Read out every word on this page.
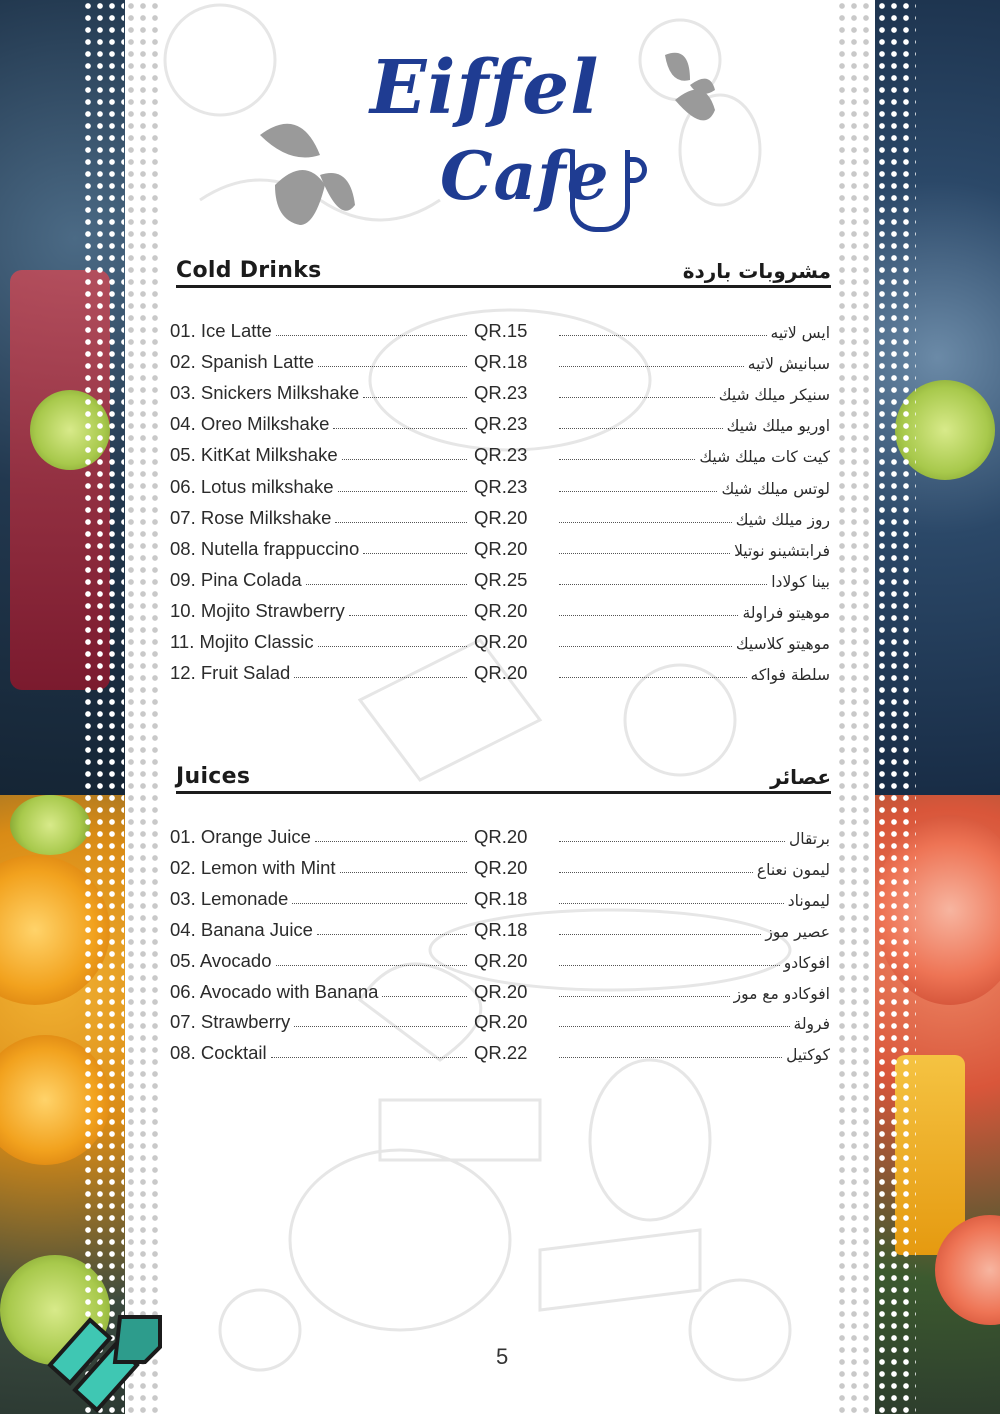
Eiffel
Cafe
Cold Drinks	مشروبات باردة
01. Ice Latte	QR.15	ايس لاتيه
02. Spanish Latte	QR.18	سبانيش لاتيه
03. Snickers Milkshake	QR.23	سنيكر ميلك شيك
04. Oreo Milkshake	QR.23	اوريو ميلك شيك
05. KitKat Milkshake	QR.23	كيت كات ميلك شيك
06. Lotus milkshake	QR.23	لوتس ميلك شيك
07. Rose Milkshake	QR.20	روز ميلك شيك
08. Nutella frappuccino	QR.20	فرابتشينو نوتيلا
09. Pina Colada	QR.25	بينا كولادا
10. Mojito Strawberry	QR.20	موهيتو فراولة
11. Mojito Classic	QR.20	موهيتو كلاسيك
12. Fruit Salad	QR.20	سلطة فواكه
Juices	عصائر
01. Orange Juice	QR.20	برتقال
02. Lemon with Mint	QR.20	ليمون نعناع
03. Lemonade	QR.18	ليموناد
04. Banana Juice	QR.18	عصير موز
05. Avocado	QR.20	افوكادو
06. Avocado with Banana	QR.20	افوكادو مع موز
07. Strawberry	QR.20	فرولة
08. Cocktail	QR.22	كوكتيل
5
